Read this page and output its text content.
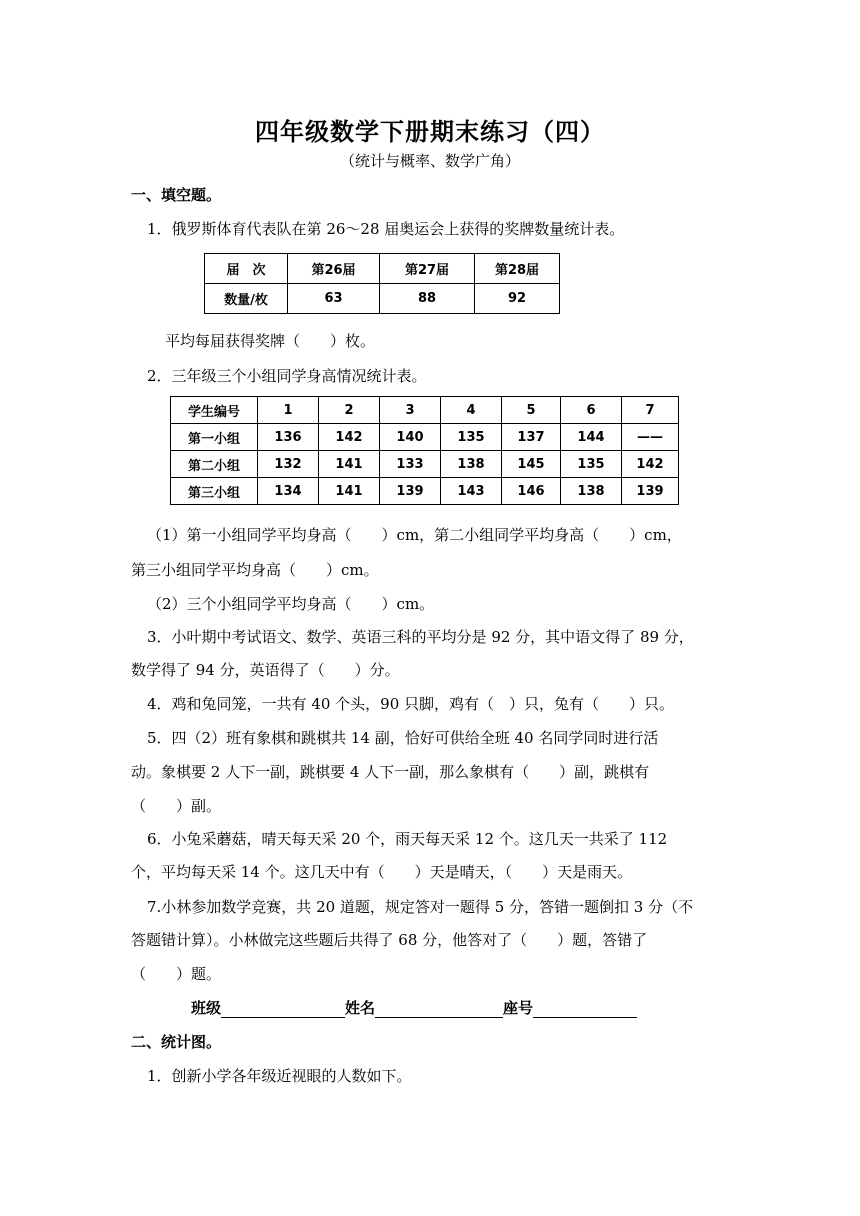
四年级数学下册期末练习（四）
（统计与概率、数学广角）
一、填空题。
1．俄罗斯体育代表队在第 26～28 届奥运会上获得的奖牌数量统计表。
届　次	第26届	第27届	第28届
数量/枚	63	88	92
平均每届获得奖牌（　　）枚。
2．三年级三个小组同学身高情况统计表。
学生编号	1	2	3	4	5	6	7
第一小组	136	142	140	135	137	144	——
第二小组	132	141	133	138	145	135	142
第三小组	134	141	139	143	146	138	139
（1）第一小组同学平均身高（　　）cm，第二小组同学平均身高（　　）cm，
第三小组同学平均身高（　　）cm。
（2）三个小组同学平均身高（　　）cm。
3．小叶期中考试语文、数学、英语三科的平均分是 92 分，其中语文得了 89 分，
数学得了 94 分，英语得了（　　）分。
4．鸡和兔同笼，一共有 40 个头，90 只脚，鸡有（　）只，兔有（　　）只。
5．四（2）班有象棋和跳棋共 14 副，恰好可供给全班 40 名同学同时进行活
动。象棋要 2 人下一副，跳棋要 4 人下一副，那么象棋有（　　）副，跳棋有
（　　）副。
6．小兔采蘑菇，晴天每天采 20 个，雨天每天采 12 个。这几天一共采了 112
个，平均每天采 14 个。这几天中有（　　）天是晴天，（　　）天是雨天。
7.小林参加数学竞赛，共 20 道题，规定答对一题得 5 分，答错一题倒扣 3 分（不
答题错计算）。小林做完这些题后共得了 68 分，他答对了（　　）题，答错了
（　　）题。
班级	姓名	座号
二、统计图。
1．创新小学各年级近视眼的人数如下。
